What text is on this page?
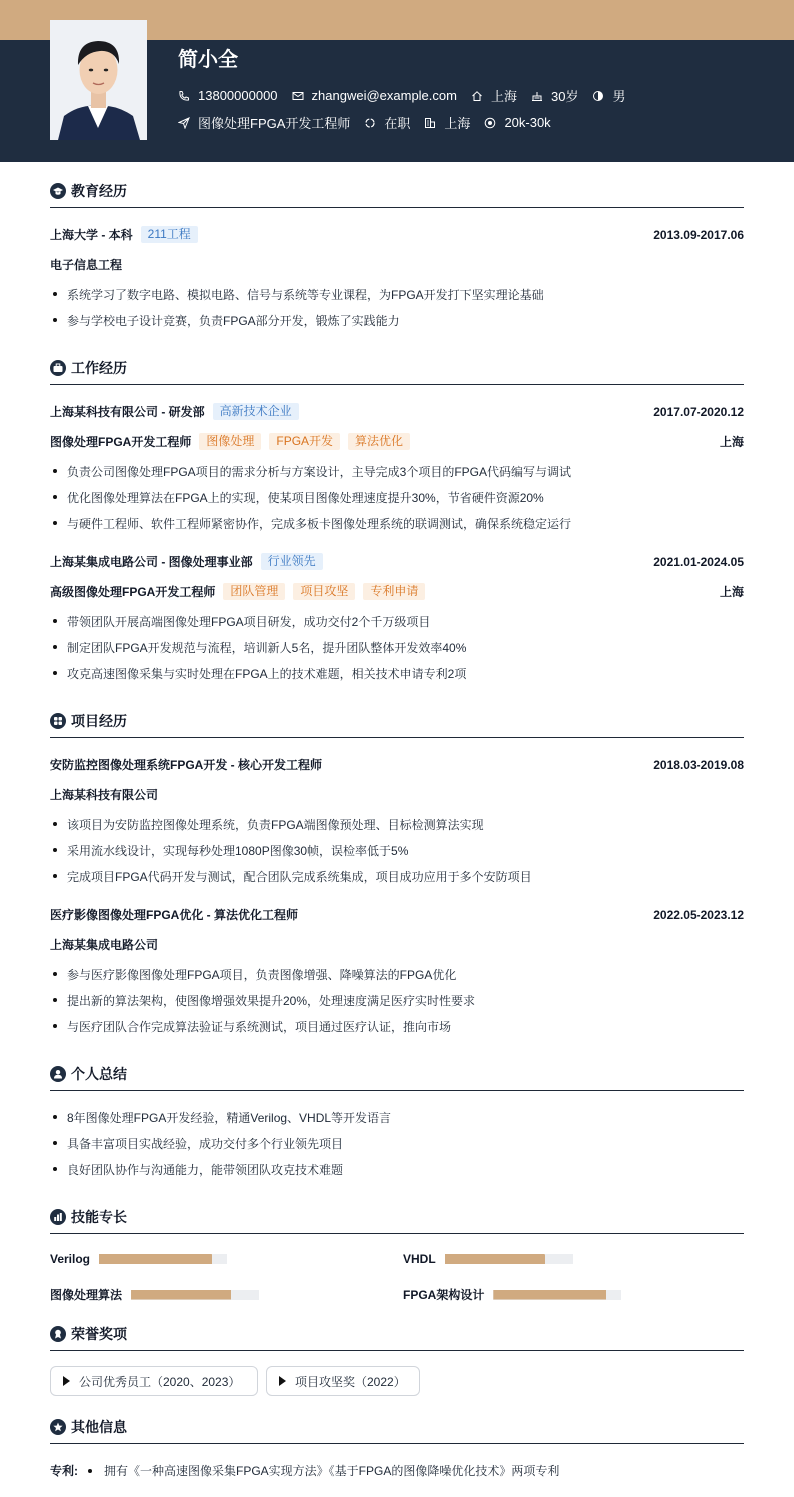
简小全
13800000000	zhangwei@example.com	上海	30岁	男
图像处理FPGA开发工程师	在职	上海	20k-30k
教育经历
上海大学 - 本科	211工程	2013.09-2017.06
电子信息工程
系统学习了数字电路、模拟电路、信号与系统等专业课程，为FPGA开发打下坚实理论基础
参与学校电子设计竞赛，负责FPGA部分开发，锻炼了实践能力
工作经历
上海某科技有限公司 - 研发部	高新技术企业	2017.07-2020.12
图像处理FPGA开发工程师	图像处理	FPGA开发	算法优化	上海
负责公司图像处理FPGA项目的需求分析与方案设计，主导完成3个项目的FPGA代码编写与调试
优化图像处理算法在FPGA上的实现，使某项目图像处理速度提升30%，节省硬件资源20%
与硬件工程师、软件工程师紧密协作，完成多板卡图像处理系统的联调测试，确保系统稳定运行
上海某集成电路公司 - 图像处理事业部	行业领先	2021.01-2024.05
高级图像处理FPGA开发工程师	团队管理	项目攻坚	专利申请	上海
带领团队开展高端图像处理FPGA项目研发，成功交付2个千万级项目
制定团队FPGA开发规范与流程，培训新人5名，提升团队整体开发效率40%
攻克高速图像采集与实时处理在FPGA上的技术难题，相关技术申请专利2项
项目经历
安防监控图像处理系统FPGA开发 - 核心开发工程师	2018.03-2019.08
上海某科技有限公司
该项目为安防监控图像处理系统，负责FPGA端图像预处理、目标检测算法实现
采用流水线设计，实现每秒处理1080P图像30帧，误检率低于5%
完成项目FPGA代码开发与测试，配合团队完成系统集成，项目成功应用于多个安防项目
医疗影像图像处理FPGA优化 - 算法优化工程师	2022.05-2023.12
上海某集成电路公司
参与医疗影像图像处理FPGA项目，负责图像增强、降噪算法的FPGA优化
提出新的算法架构，使图像增强效果提升20%，处理速度满足医疗实时性要求
与医疗团队合作完成算法验证与系统测试，项目通过医疗认证，推向市场
个人总结
8年图像处理FPGA开发经验，精通Verilog、VHDL等开发语言
具备丰富项目实战经验，成功交付多个行业领先项目
良好团队协作与沟通能力，能带领团队攻克技术难题
技能专长
Verilog	VHDL
图像处理算法	FPGA架构设计
荣誉奖项
公司优秀员工（2020、2023）	项目攻坚奖（2022）
其他信息
专利: 拥有《一种高速图像采集FPGA实现方法》《基于FPGA的图像降噪优化技术》两项专利
